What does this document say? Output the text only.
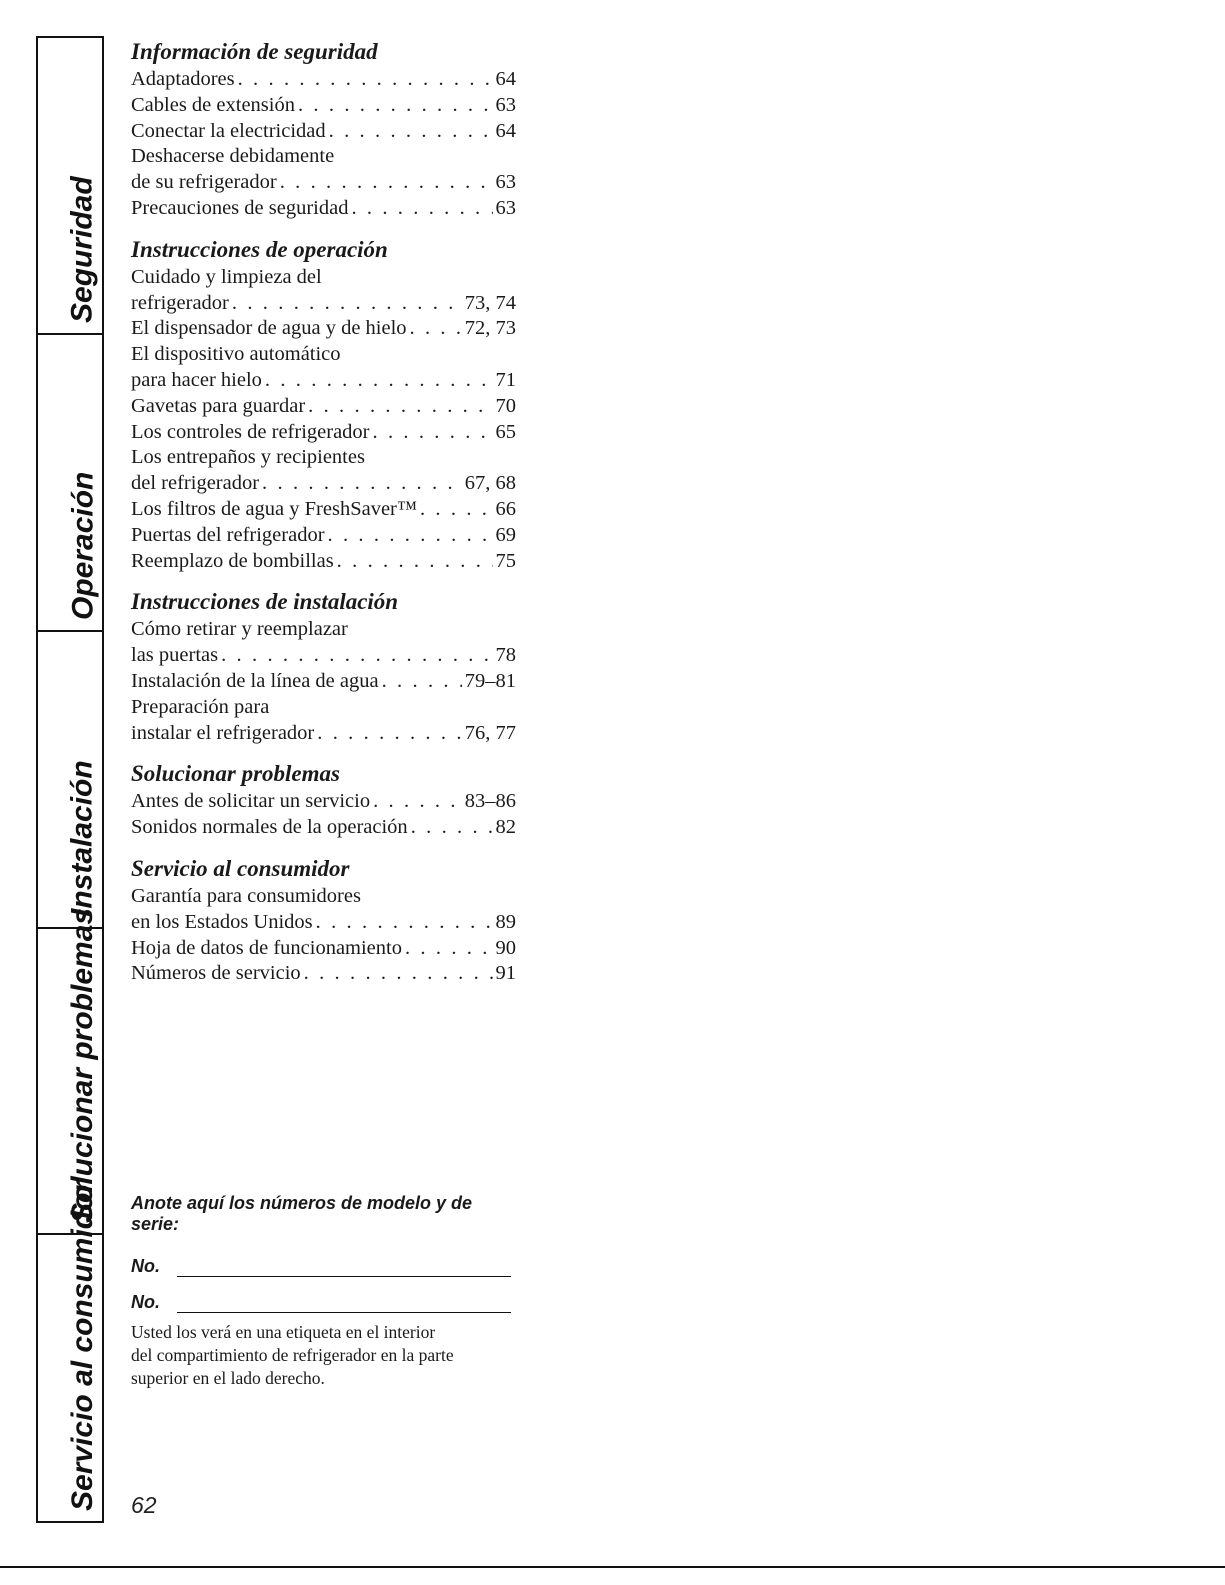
Seguridad
Operación
Instalación
Solucionar problemas
Servicio al consumidor
Información de seguridad
Adaptadores . . .	64
Cables de extensión . . .	63
Conectar la electricidad . . .	64
Deshacerse debidamente
de su refrigerador . . .	63
Precauciones de seguridad . . .	63
Instrucciones de operación
Cuidado y limpieza del
refrigerador . . .	73, 74
El dispensador de agua y de hielo . . .	72, 73
El dispositivo automático
para hacer hielo . . .	71
Gavetas para guardar . . .	70
Los controles de refrigerador . . .	65
Los entrepaños y recipientes
del refrigerador . . .	67, 68
Los filtros de agua y FreshSaver™ . . .	66
Puertas del refrigerador . . .	69
Reemplazo de bombillas . . .	75
Instrucciones de instalación
Cómo retirar y reemplazar
las puertas . . .	78
Instalación de la línea de agua . . .	79–81
Preparación para
instalar el refrigerador . . .	76, 77
Solucionar problemas
Antes de solicitar un servicio . . .	83–86
Sonidos normales de la operación . . .	82
Servicio al consumidor
Garantía para consumidores
en los Estados Unidos . . .	89
Hoja de datos de funcionamiento . . .	90
Números de servicio . . .	91
Anote aquí los números de modelo y de serie:
No.
No.
Usted los verá en una etiqueta en el interior
del compartimiento de refrigerador en la parte
superior en el lado derecho.
62
